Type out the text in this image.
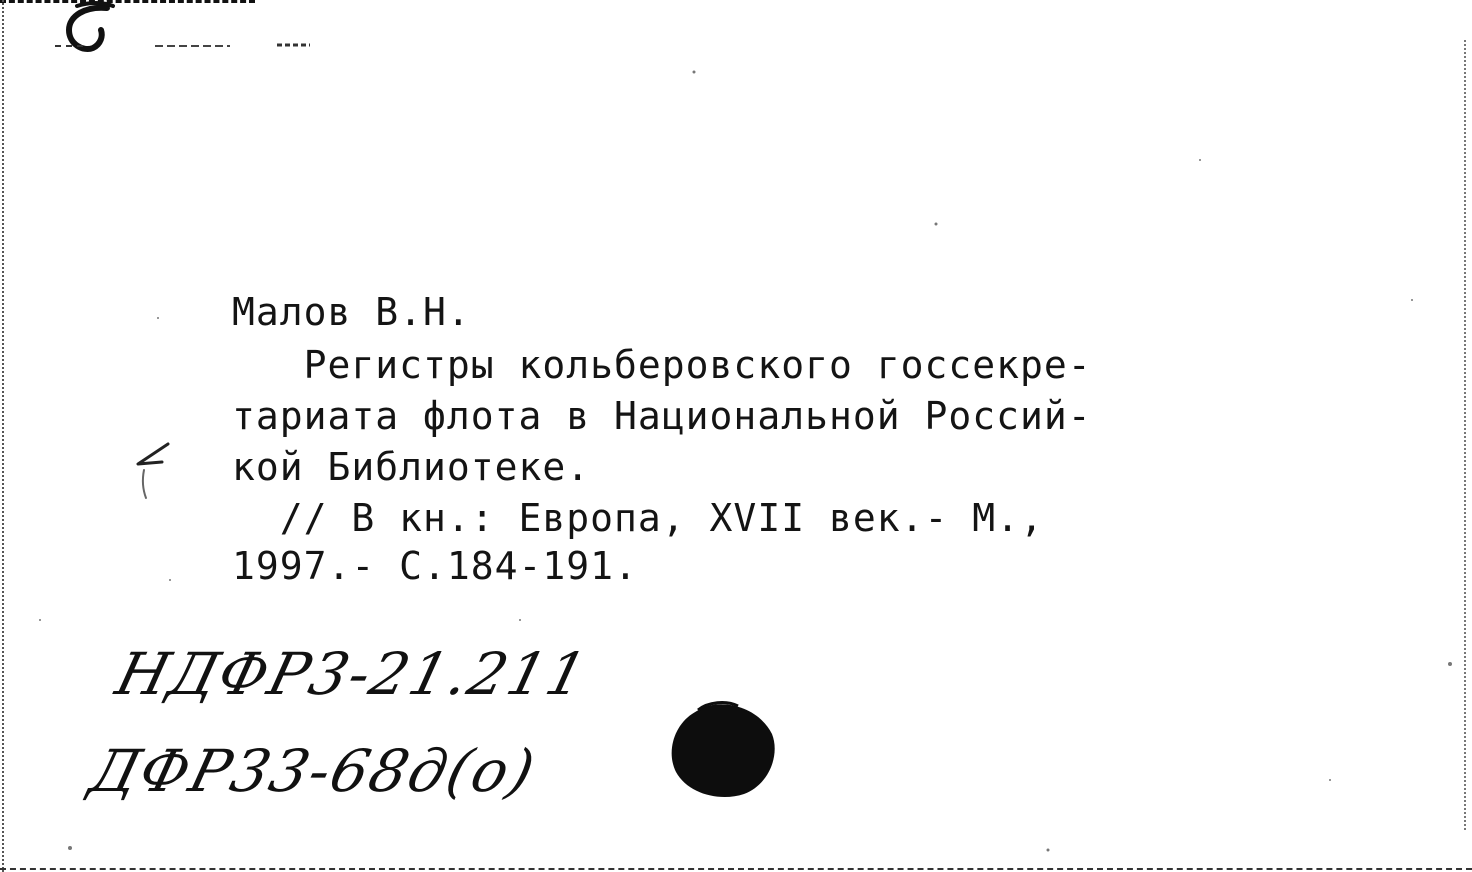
Малов В.Н.

Регистры кольберовского госсекре-

тариата флота в Национальной Россий-

кой Библиотеке.

// В кн.: Европа, XVII век.- М.,

1997.- С.184-191.

НДФР3-21.211
ДФР33-68д(о)
